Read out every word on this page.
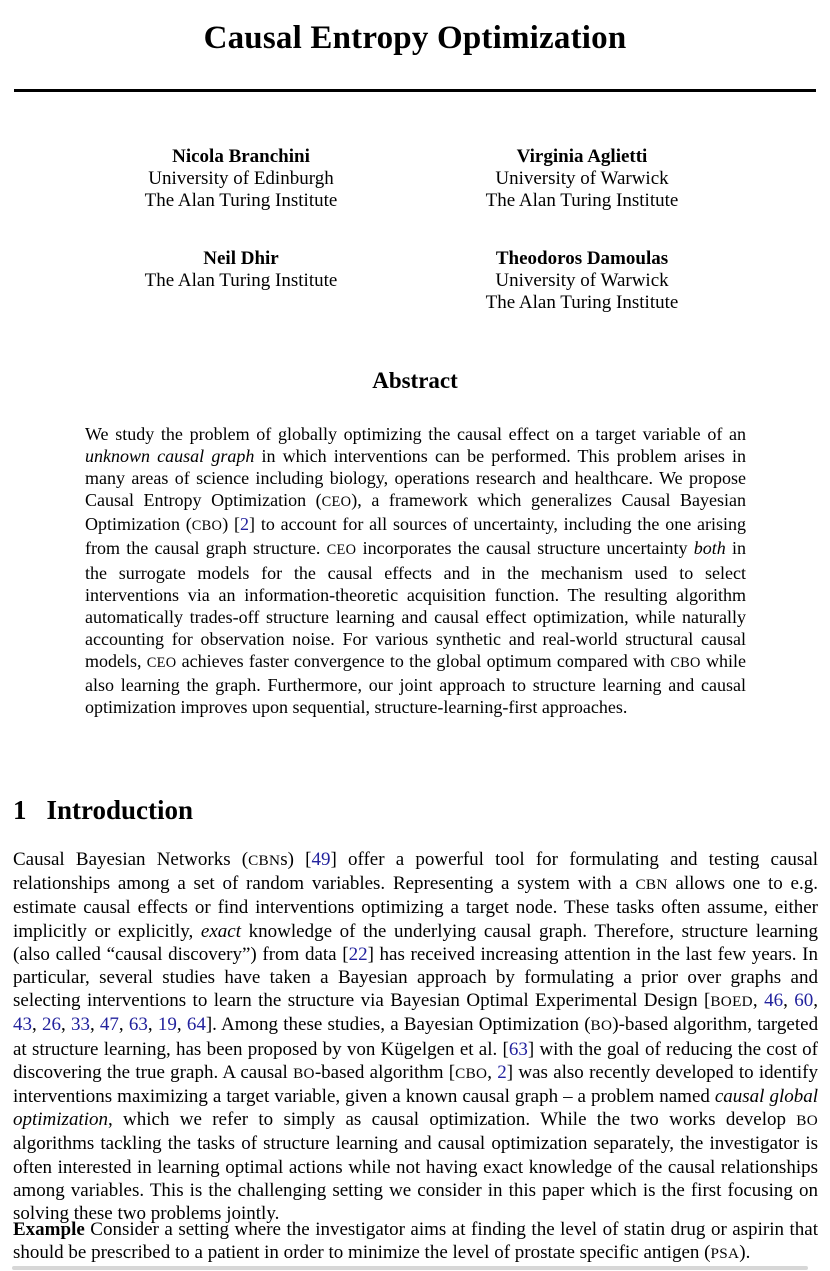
Causal Entropy Optimization
Nicola Branchini
University of Edinburgh
The Alan Turing Institute
Virginia Aglietti
University of Warwick
The Alan Turing Institute
Neil Dhir
The Alan Turing Institute
Theodoros Damoulas
University of Warwick
The Alan Turing Institute
Abstract
We study the problem of globally optimizing the causal effect on a target variable of an unknown causal graph in which interventions can be performed. This problem arises in many areas of science including biology, operations research and healthcare. We propose Causal Entropy Optimization (CEO), a framework which generalizes Causal Bayesian Optimization (CBO) [2] to account for all sources of uncertainty, including the one arising from the causal graph structure. CEO incorporates the causal structure uncertainty both in the surrogate models for the causal effects and in the mechanism used to select interventions via an information-theoretic acquisition function. The resulting algorithm automatically trades-off structure learning and causal effect optimization, while naturally accounting for observation noise. For various synthetic and real-world structural causal models, CEO achieves faster convergence to the global optimum compared with CBO while also learning the graph. Furthermore, our joint approach to structure learning and causal optimization improves upon sequential, structure-learning-first approaches.
1 Introduction
Causal Bayesian Networks (CBNs) [49] offer a powerful tool for formulating and testing causal relationships among a set of random variables. Representing a system with a CBN allows one to e.g. estimate causal effects or find interventions optimizing a target node. These tasks often assume, either implicitly or explicitly, exact knowledge of the underlying causal graph. Therefore, structure learning (also called “causal discovery”) from data [22] has received increasing attention in the last few years. In particular, several studies have taken a Bayesian approach by formulating a prior over graphs and selecting interventions to learn the structure via Bayesian Optimal Experimental Design [BOED, 46, 60, 43, 26, 33, 47, 63, 19, 64]. Among these studies, a Bayesian Optimization (BO)-based algorithm, targeted at structure learning, has been proposed by von Kügelgen et al. [63] with the goal of reducing the cost of discovering the true graph. A causal BO-based algorithm [CBO, 2] was also recently developed to identify interventions maximizing a target variable, given a known causal graph – a problem named causal global optimization, which we refer to simply as causal optimization. While the two works develop BO algorithms tackling the tasks of structure learning and causal optimization separately, the investigator is often interested in learning optimal actions while not having exact knowledge of the causal relationships among variables. This is the challenging setting we consider in this paper which is the first focusing on solving these two problems jointly.
Example Consider a setting where the investigator aims at finding the level of statin drug or aspirin that should be prescribed to a patient in order to minimize the level of prostate specific antigen (PSA).
